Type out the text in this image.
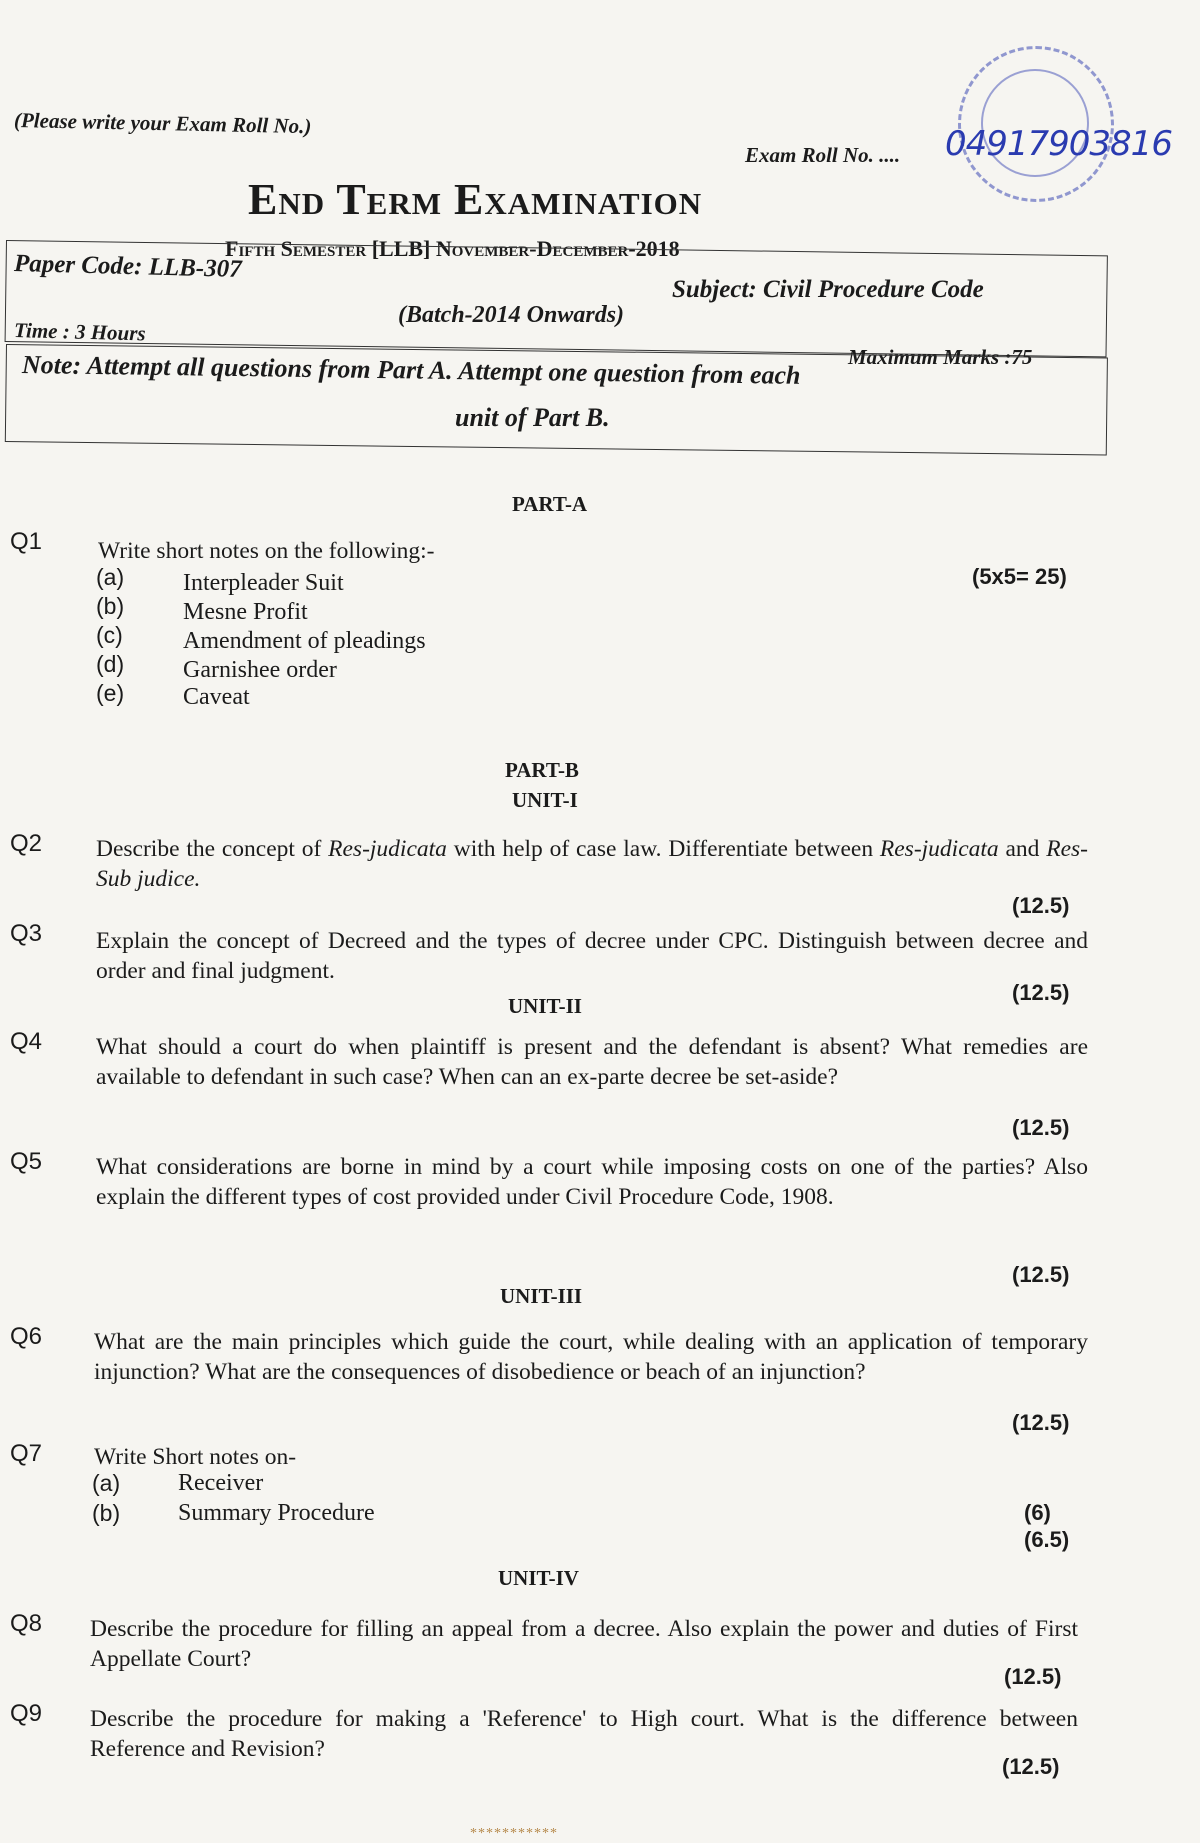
(Please write your Exam Roll No.)
Exam Roll No. .... 04917903816
End Term Examination
Fifth Semester [LLB] November-December-2018
Paper Code: LLB-307
Subject: Civil Procedure Code
(Batch-2014 Onwards)
Time : 3 Hours
Maximum Marks :75
Note: Attempt all questions from Part A. Attempt one question from each
unit of Part B.
PART-A
Q1 Write short notes on the following:-
(5x5= 25)
(a) Interpleader Suit
(b) Mesne Profit
(c)	Amendment of pleadings
(d) Garnishee order
(e) Caveat
PART-B
UNIT-I
Q2 Describe the concept of Res-judicata with help of case law. Differentiate between Res-judicata and Res-Sub judice.
(12.5)
Q3 Explain the concept of Decreed and the types of decree under CPC. Distinguish between decree and order and final judgment.
UNIT-II
(12.5)
Q4 What should a court do when plaintiff is present and the defendant is absent? What remedies are available to defendant in such case? When can an ex-parte decree be set-aside?
(12.5)
Q5 What considerations are borne in mind by a court while imposing costs on one of the parties? Also explain the different types of cost provided under Civil Procedure Code, 1908.
(12.5)
UNIT-III
Q6 What are the main principles which guide the court, while dealing with an application of temporary injunction? What are the consequences of disobedience or beach of an injunction?
(12.5)
Q7 Write Short notes on-
(a) Receiver
(b) Summary Procedure	(6)
(6.5)
UNIT-IV
Q8 Describe the procedure for filling an appeal from a decree. Also explain the power and duties of First Appellate Court?
(12.5)
Q9 Describe the procedure for making a 'Reference' to High court. What is the difference between Reference and Revision?
(12.5)
***********
